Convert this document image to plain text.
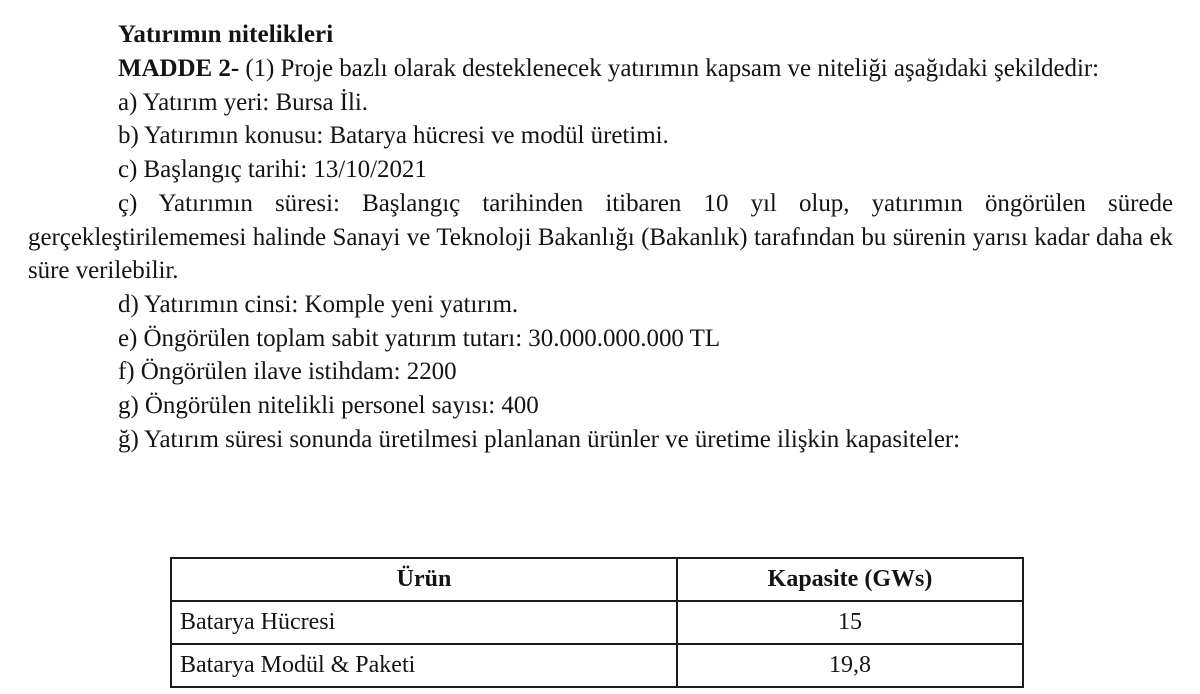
Yatırımın nitelikleri

MADDE 2- (1) Proje bazlı olarak desteklenecek yatırımın kapsam ve niteliği aşağıdaki şekildedir:

a) Yatırım yeri: Bursa İli.

b) Yatırımın konusu: Batarya hücresi ve modül üretimi.

c) Başlangıç tarihi: 13/10/2021

ç) Yatırımın süresi: Başlangıç tarihinden itibaren 10 yıl olup, yatırımın öngörülen sürede gerçekleştirilememesi halinde Sanayi ve Teknoloji Bakanlığı (Bakanlık) tarafından bu sürenin yarısı kadar daha ek süre verilebilir.

d) Yatırımın cinsi: Komple yeni yatırım.

e) Öngörülen toplam sabit yatırım tutarı: 30.000.000.000 TL

f) Öngörülen ilave istihdam: 2200

g) Öngörülen nitelikli personel sayısı: 400

ğ) Yatırım süresi sonunda üretilmesi planlanan ürünler ve üretime ilişkin kapasiteler:

Ürün	Kapasite (GWs)
Batarya Hücresi	15
Batarya Modül & Paketi	19,8
